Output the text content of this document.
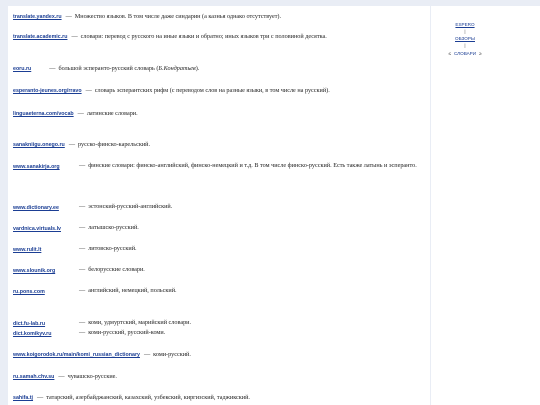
translate.yandex.ru — Множество языков. В том числе даже синдарин (а казнья однако отсутствует).
translate.academic.ru — словари: перевод с русского на иные языки и обратно; иных языков три с половиной десятка.
eoru.ru	— большой эсперанто-русский словарь (Б.Кондратьев).
esperanto-jeunes.org/rravo — словарь эсперантских рифм (с переводом слов на разные языки, в том числе на русский).
linguaeterna.com/vocab — латинские словари.
sanakniigu.onego.ru — русско-финско-карельский.
www.sanakirja.org	— финские словари: финско-английский, финско-немецкий и т.д. В том числе финско-русский. Есть также латынь и эсперанто.
www.dictionary.ee	— эстонский-русский-английский.
vardnica.virtuals.lv	— латышско-русский.
www.rulit.lt	— литовско-русский.
www.slounik.org	— белорусские словари.
ru.pons.com	— английский, немецкий, польский.
dict.fu-lab.ru	— коми, удмуртский, марийский словари.
dict.komikyv.ru	— коми-русский, русский-коми.
www.koigorodok.ru/main/komi_russian_dictionary — коми-русский.
ru.samah.chv.su — чувашско-русские.
sahifa.tj — татарский, азербайджанский, казахский, узбекский, киргизский, таджикский.
ESPERO
|
ОБЗОРЫ
|
≤ СЛОВАРИ ≥
